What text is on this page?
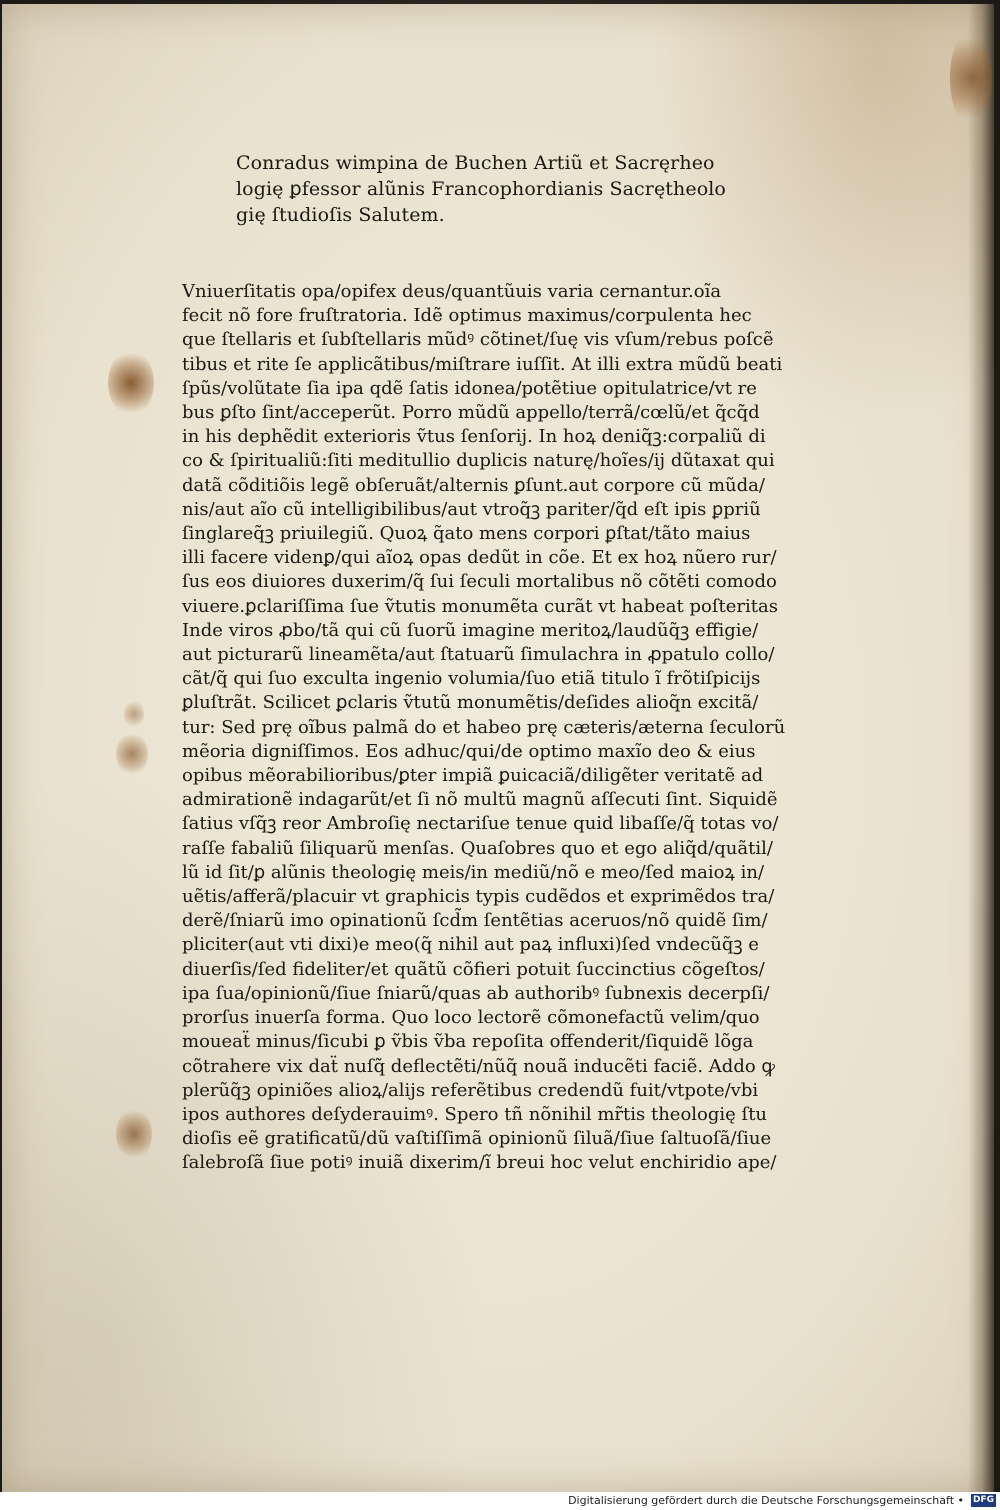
Conradus wimpina de Buchen Artiũ et Sacręrheo
logię ꝑfessor alũnis Francophordianis Sacrętheolo
gię ſtudioſis Salutem.

Vniuerſitatis opa/opifex deus/quantũuis varia cernantur.oĩa
fecit nõ fore fruſtratoria. Idẽ optimus maximus/corpulenta hec
que ſtellaris et ſubſtellaris mũdꝰ cõtinet/ſuę vis vſum/rebus poſcẽ
tibus et rite ſe applicãtibus/miſtrare iuſſit. At illi extra mũdũ beati
ſpũs/volũtate ſia ipa qdẽ ſatis idonea/potẽtiue opitulatrice/vt re
bus ꝑſto ſint/acceperũt. Porro mũdũ appello/terrã/cœlũ/et q̃cq̃d
in his dephẽdit exterioris ṽtus ſenſorij. In hoꝝ deniq̃ꝫ:corpaliũ di
co & ſpiritualiũ:ſiti meditullio duplicis naturę/hoĩes/ij dũtaxat qui
datã cõditiõis legẽ obſeruãt/alternis ꝑſunt.aut corpore cũ mũda/
nis/aut aĩo cũ intelligibilibus/aut vtroq̃ꝫ pariter/q̃d eſt ipis ꝑpriũ
ſinglareq̃ꝫ priuilegiũ. Quoꝝ q̃ato mens corpori ꝑſtat/tãto maius
illi facere videnꝑ/qui aĩoꝝ opas dedũt in cõe. Et ex hoꝝ nũero rur/
ſus eos diuiores duxerim/q̃ ſui ſeculi mortalibus nõ cõtẽti comodo
viuere.ꝑclariſſima ſue ṽtutis monumẽta curãt vt habeat poſteritas
Inde viros ꝓbo/tã qui cũ ſuorũ imagine meritoꝝ/laudũq̃ꝫ effigie/
aut picturarũ lineamẽta/aut ſtatuarũ ſimulachra in ꝓpatulo collo/
cãt/q̃ qui ſuo exculta ingenio volumia/ſuo etiã titulo ĩ frõtiſpicijs
ꝑluſtrãt. Scilicet ꝑclaris ṽtutũ monumẽtis/deſides alioq̃n excitã/
tur: Sed prę oĩbus palmã do et habeo prę cæteris/æterna ſeculorũ
mẽoria digniſſimos. Eos adhuc/qui/de optimo maxĩo deo & eius
opibus mẽorabilioribus/ꝑter impiã ꝑuicaciã/diligẽter veritatẽ ad
admirationẽ indagarũt/et ſi nõ multũ magnũ aſſecuti ſint. Siquidẽ
ſatius vſq̃ꝫ reor Ambroſię nectariſue tenue quid libaſſe/q̃ totas vo/
raſſe fabaliũ ſiliquarũ menſas. Quaſobres quo et ego aliq̃d/quãtil/
lũ id ſit/ꝑ alũnis theologię meis/in mediũ/nõ e meo/ſed maioꝝ in/
uẽtis/afferã/placuir vt graphicis typis cudẽdos et exprimẽdos tra/
derẽ/ſniarũ imo opinationũ ſcd̃m ſentẽtias aceruos/nõ quidẽ ſim/
pliciter(aut vti dixi)e meo(q̃ nihil aut paꝝ influxi)ſed vndecũq̃ꝫ e
diuerſis/ſed fideliter/et quãtũ cõfieri potuit ſuccinctius cõgeſtos/
ipa ſua/opinionũ/ſiue ſniarũ/quas ab authoribꝰ ſubnexis decerpſi/
prorſus inuerſa forma. Quo loco lectorẽ cõmonefactũ velim/quo
moueaẗ minus/ſicubi ꝑ ṽbis ṽba repoſita offenderit/ſiquidẽ lõga
cõtrahere vix daẗ nuſq̃ deflectẽti/nũq̃ nouã inducẽti faciẽ. Addo ꝙ
plerũq̃ꝫ opiniões alioꝝ/alijs referẽtibus credendũ fuit/vtpote/vbi
ipos authores deſyderauimꝰ. Spero tñ nõnihil mr̃tis theologię ſtu
dioſis eẽ gratificatũ/dũ vaſtiſſimã opinionũ ſiluã/ſiue ſaltuoſã/ſiue
ſalebroſã ſiue potiꝰ inuiã dixerim/ĩ breui hoc velut enchiridio ape/

Digitalisierung gefördert durch die Deutsche Forschungsgemeinschaft • DFG
